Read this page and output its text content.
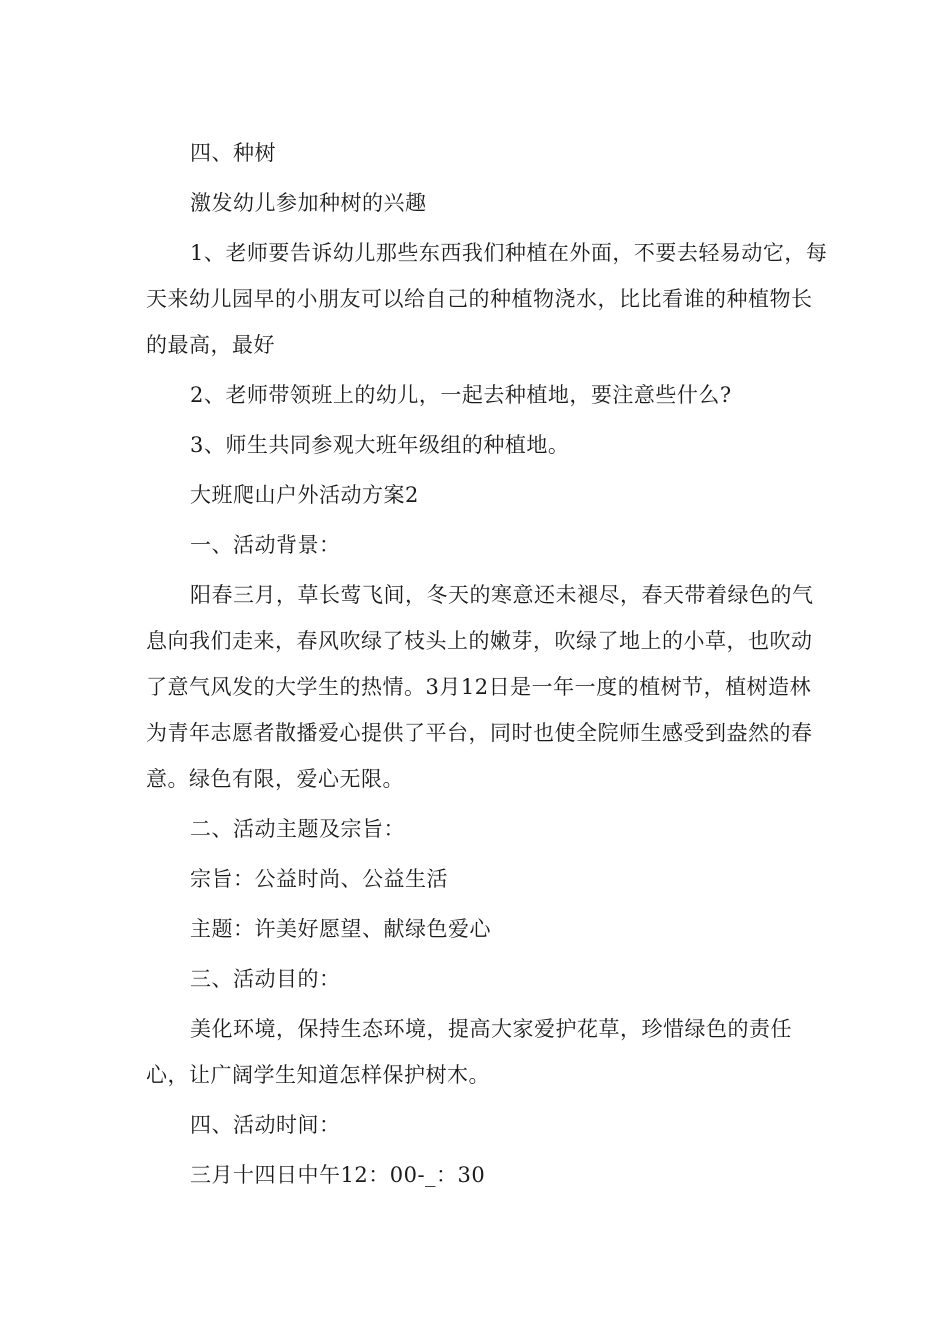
四、种树

激发幼儿参加种树的兴趣

1、老师要告诉幼儿那些东西我们种植在外面，不要去轻易动它，每天来幼儿园早的小朋友可以给自己的种植物浇水，比比看谁的种植物长的最高，最好

2、老师带领班上的幼儿，一起去种植地，要注意些什么?

3、师生共同参观大班年级组的种植地。

大班爬山户外活动方案2

一、活动背景：

阳春三月，草长莺飞间，冬天的寒意还未褪尽，春天带着绿色的气息向我们走来，春风吹绿了枝头上的嫩芽，吹绿了地上的小草，也吹动了意气风发的大学生的热情。3月12日是一年一度的植树节，植树造林为青年志愿者散播爱心提供了平台，同时也使全院师生感受到盎然的春意。绿色有限，爱心无限。

二、活动主题及宗旨：

宗旨：公益时尚、公益生活

主题：许美好愿望、献绿色爱心

三、活动目的：

美化环境，保持生态环境，提高大家爱护花草，珍惜绿色的责任心，让广阔学生知道怎样保护树木。

四、活动时间：

三月十四日中午12：00-_：30
